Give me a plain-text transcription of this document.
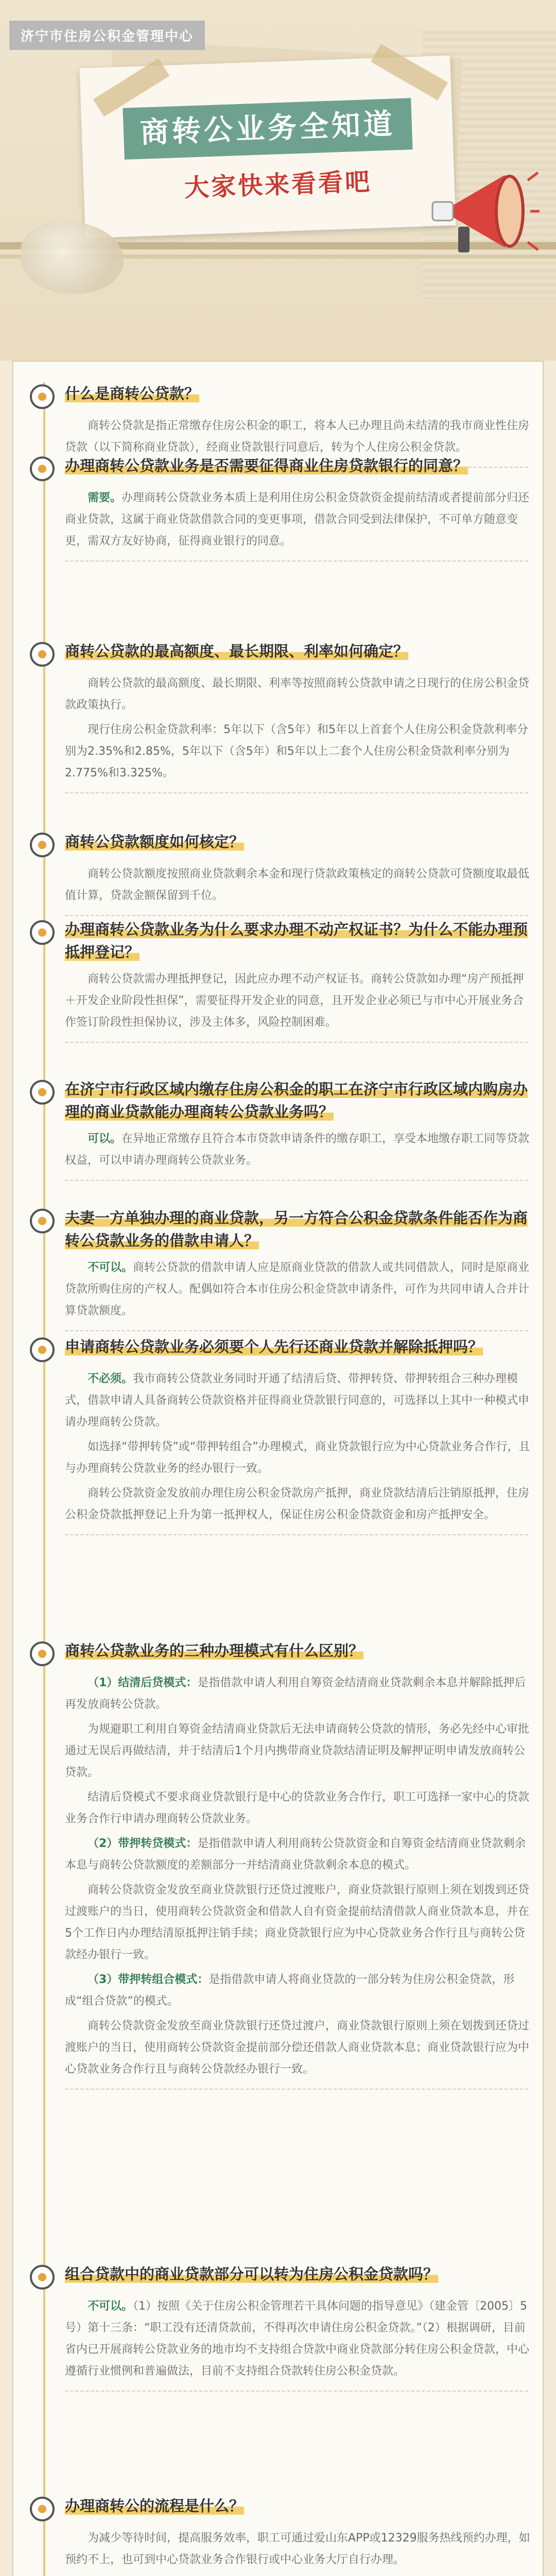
济宁市住房公积金管理中心
商转公业务全知道
大家快来看看吧
什么是商转公贷款？

商转公贷款是指正常缴存住房公积金的职工，将本人已办理且尚未结清的我市商业性住房贷款（以下简称商业贷款），经商业贷款银行同意后，转为个人住房公积金贷款。

办理商转公贷款业务是否需要征得商业住房贷款银行的同意？

需要。办理商转公贷款业务本质上是利用住房公积金贷款资金提前结清或者提前部分归还商业贷款，这属于商业贷款借款合同的变更事项，借款合同受到法律保护，不可单方随意变更，需双方友好协商，征得商业银行的同意。

商转公贷款的最高额度、最长期限、利率如何确定？

商转公贷款的最高额度、最长期限、利率等按照商转公贷款申请之日现行的住房公积金贷款政策执行。

现行住房公积金贷款利率：5年以下（含5年）和5年以上首套个人住房公积金贷款利率分别为2.35%和2.85%，5年以下（含5年）和5年以上二套个人住房公积金贷款利率分别为2.775%和3.325%。

商转公贷款额度如何核定？

商转公贷款额度按照商业贷款剩余本金和现行贷款政策核定的商转公贷款可贷额度取最低值计算，贷款金额保留到千位。

办理商转公贷款业务为什么要求办理不动产权证书？为什么不能办理预抵押登记？

商转公贷款需办理抵押登记，因此应办理不动产权证书。商转公贷款如办理“房产预抵押＋开发企业阶段性担保”，需要征得开发企业的同意，且开发企业必须已与市中心开展业务合作签订阶段性担保协议，涉及主体多，风险控制困难。

在济宁市行政区域内缴存住房公积金的职工在济宁市行政区域内购房办理的商业贷款能办理商转公贷款业务吗？

可以。在异地正常缴存且符合本市贷款申请条件的缴存职工，享受本地缴存职工同等贷款权益，可以申请办理商转公贷款业务。

夫妻一方单独办理的商业贷款，另一方符合公积金贷款条件能否作为商转公贷款业务的借款申请人？

不可以。商转公贷款的借款申请人应是原商业贷款的借款人或共同借款人，同时是原商业贷款所购住房的产权人。配偶如符合本市住房公积金贷款申请条件，可作为共同申请人合并计算贷款额度。

申请商转公贷款业务必须要个人先行还商业贷款并解除抵押吗？

不必须。我市商转公贷款业务同时开通了结清后贷、带押转贷、带押转组合三种办理模式，借款申请人具备商转公贷款资格并征得商业贷款银行同意的，可选择以上其中一种模式申请办理商转公贷款。

如选择“带押转贷”或“带押转组合”办理模式，商业贷款银行应为中心贷款业务合作行，且与办理商转公贷款业务的经办银行一致。

商转公贷款资金发放前办理住房公积金贷款房产抵押，商业贷款结清后注销原抵押，住房公积金贷款抵押登记上升为第一抵押权人，保证住房公积金贷款资金和房产抵押安全。

商转公贷款业务的三种办理模式有什么区别？

（1）结清后贷模式：是指借款申请人利用自筹资金结清商业贷款剩余本息并解除抵押后再发放商转公贷款。

为规避职工利用自筹资金结清商业贷款后无法申请商转公贷款的情形，务必先经中心审批通过无误后再做结清，并于结清后1个月内携带商业贷款结清证明及解押证明申请发放商转公贷款。

结清后贷模式不要求商业贷款银行是中心的贷款业务合作行，职工可选择一家中心的贷款业务合作行申请办理商转公贷款业务。

（2）带押转贷模式：是指借款申请人利用商转公贷款资金和自筹资金结清商业贷款剩余本息与商转公贷款额度的差额部分一并结清商业贷款剩余本息的模式。

商转公贷款资金发放至商业贷款银行还贷过渡账户，商业贷款银行原则上须在划拨到还贷过渡账户的当日，使用商转公贷款资金和借款人自有资金提前结清借款人商业贷款本息，并在5个工作日内办理结清原抵押注销手续；商业贷款银行应为中心贷款业务合作行且与商转公贷款经办银行一致。

（3）带押转组合模式：是指借款申请人将商业贷款的一部分转为住房公积金贷款，形成“组合贷款”的模式。

商转公贷款资金发放至商业贷款银行还贷过渡户，商业贷款银行原则上须在划拨到还贷过渡账户的当日，使用商转公贷款资金提前部分偿还借款人商业贷款本息；商业贷款银行应为中心贷款业务合作行且与商转公贷款经办银行一致。

组合贷款中的商业贷款部分可以转为住房公积金贷款吗？

不可以。（1）按照《关于住房公积金管理若干具体问题的指导意见》（建金管〔2005〕5号）第十三条：“职工没有还清贷款前，不得再次申请住房公积金贷款。”（2）根据调研，目前省内已开展商转公贷款业务的地市均不支持组合贷款中商业贷款部分转住房公积金贷款，中心遵循行业惯例和普遍做法，目前不支持组合贷款转住房公积金贷款。

办理商转公的流程是什么？

为减少等待时间，提高服务效率，职工可通过爱山东APP或12329服务热线预约办理，如预约不上，也可到中心贷款业务合作银行或中心业务大厅自行办理。
